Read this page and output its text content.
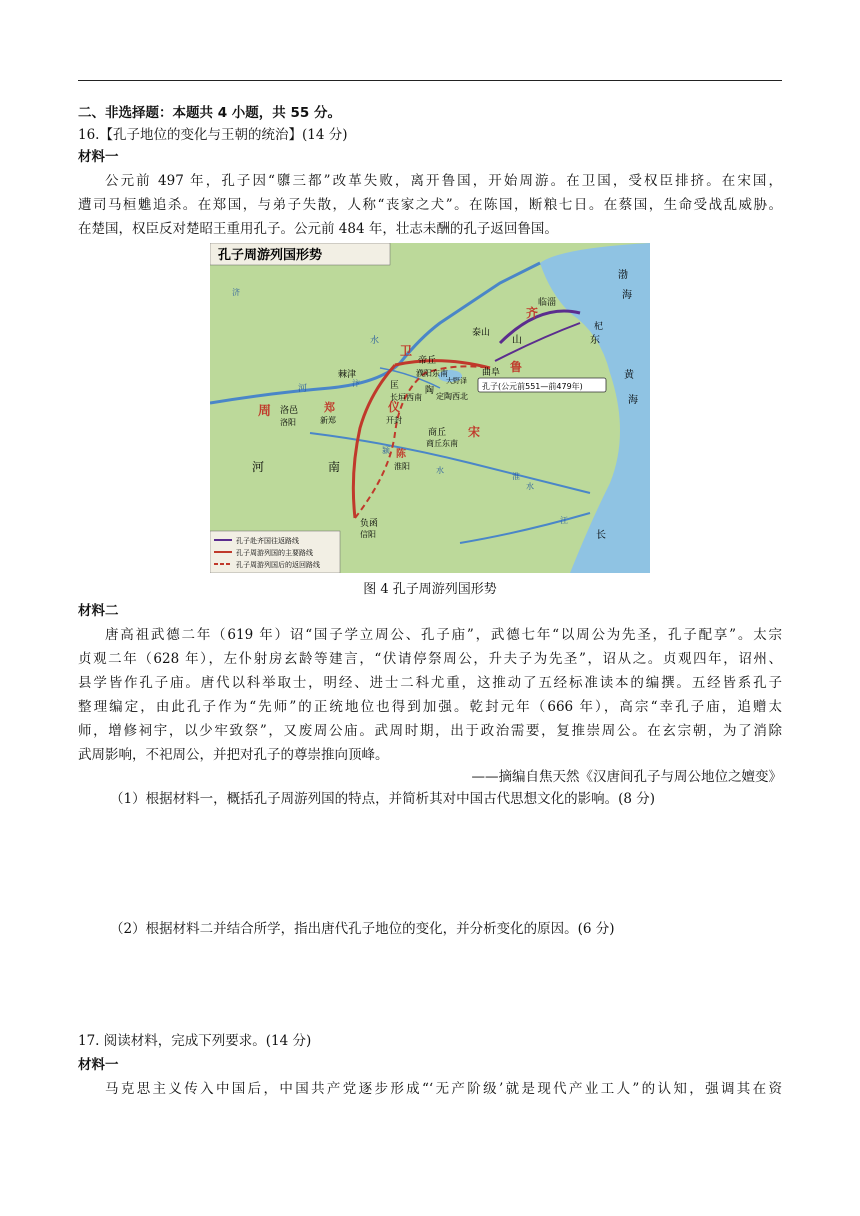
二、非选择题：本题共 4 小题，共 55 分。
16.【孔子地位的变化与王朝的统治】(14 分)
材料一
公元前 497 年，孔子因“隳三都”改革失败，离开鲁国，开始周游。在卫国，受权臣排挤。在宋国，
遭司马桓魋追杀。在郑国，与弟子失散，人称“丧家之犬”。在陈国，断粮七日。在蔡国，生命受战乱威胁。
在楚国，权臣反对楚昭王重用孔子。公元前 484 年，壮志未酬的孔子返回鲁国。
孔子周游列国形势
临淄
齐
杞
泰山
山	东
曲阜 鲁
卫
帝丘
濮阳东南
棘津
匡
长垣西南
陶
定陶西北
大野泽
仪
开封
周 洛邑
洛阳
郑
新郑
宋
商丘
商丘东南
陈
淮阳
负函
信阳
河	南
水
河
济
渤
海
黄
海
汴
颍
淮
水
江
长
水
孔子(公元前551—前479年)
孔子赴齐国往返路线
孔子周游列国的主要路线
孔子周游列国后的返回路线
图 4 孔子周游列国形势
材料二
唐高祖武德二年（619 年）诏“国子学立周公、孔子庙”，武德七年“以周公为先圣，孔子配享”。太宗
贞观二年（628 年），左仆射房玄龄等建言，“伏请停祭周公，升夫子为先圣”，诏从之。贞观四年，诏州、
县学皆作孔子庙。唐代以科举取士，明经、进士二科尤重，这推动了五经标准读本的编撰。五经皆系孔子
整理编定，由此孔子作为“先师”的正统地位也得到加强。乾封元年（666 年），高宗“幸孔子庙，追赠太
师，增修祠宇，以少牢致祭”，又废周公庙。武周时期，出于政治需要，复推崇周公。在玄宗朝，为了消除
武周影响，不祀周公，并把对孔子的尊崇推向顶峰。
——摘编自焦天然《汉唐间孔子与周公地位之嬗变》
（1）根据材料一，概括孔子周游列国的特点，并简析其对中国古代思想文化的影响。(8 分)
（2）根据材料二并结合所学，指出唐代孔子地位的变化，并分析变化的原因。(6 分)
17. 阅读材料，完成下列要求。(14 分)
材料一
马克思主义传入中国后，中国共产党逐步形成“‘无产阶级’就是现代产业工人”的认知，强调其在资
